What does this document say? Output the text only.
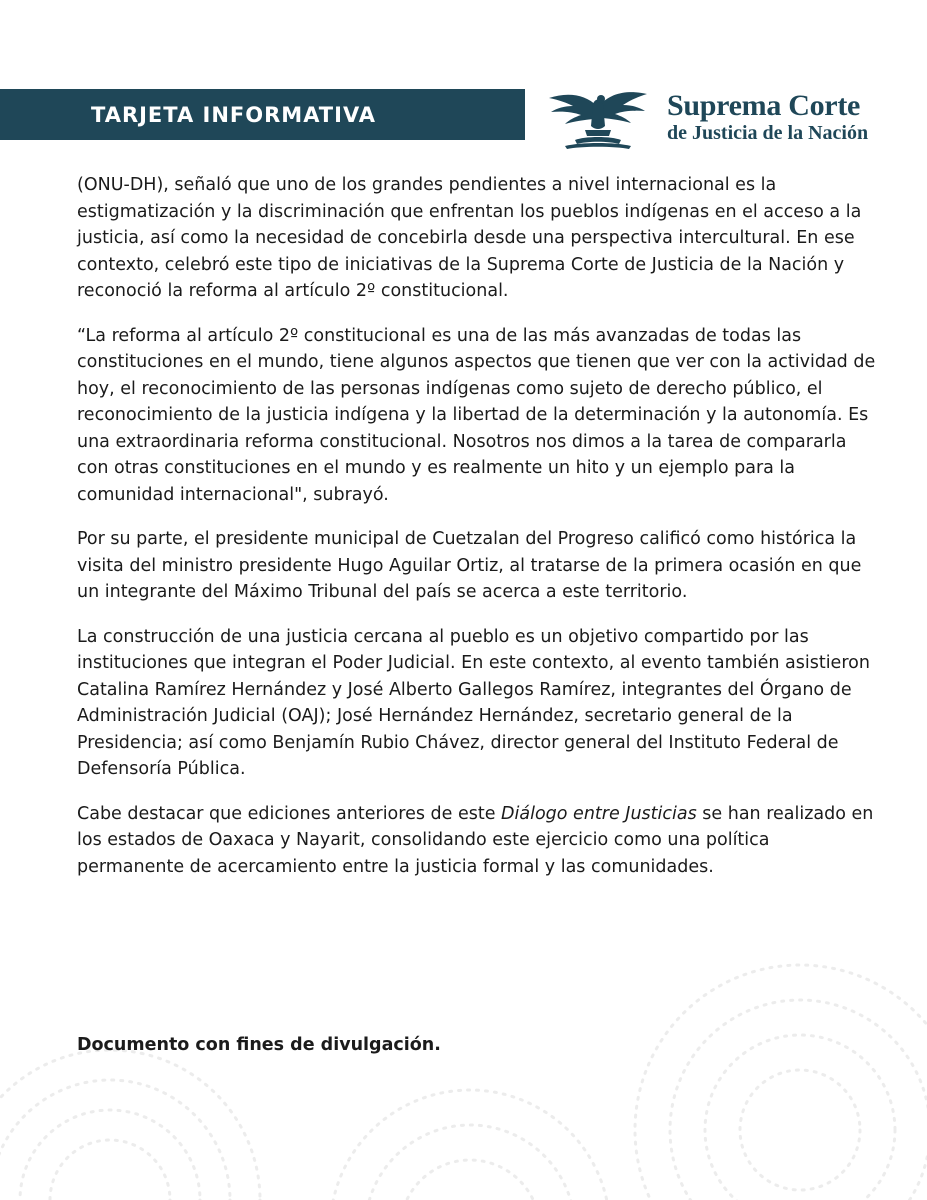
TARJETA INFORMATIVA	Suprema Corte
de Justicia de la Nación

(ONU-DH), señaló que uno de los grandes pendientes a nivel internacional es la estigmatización y la discriminación que enfrentan los pueblos indígenas en el acceso a la justicia, así como la necesidad de concebirla desde una perspectiva intercultural. En ese contexto, celebró este tipo de iniciativas de la Suprema Corte de Justicia de la Nación y reconoció la reforma al artículo 2º constitucional.

“La reforma al artículo 2º constitucional es una de las más avanzadas de todas las constituciones en el mundo, tiene algunos aspectos que tienen que ver con la actividad de hoy, el reconocimiento de las personas indígenas como sujeto de derecho público, el reconocimiento de la justicia indígena y la libertad de la determinación y la autonomía. Es una extraordinaria reforma constitucional. Nosotros nos dimos a la tarea de compararla con otras constituciones en el mundo y es realmente un hito y un ejemplo para la comunidad internacional", subrayó.

Por su parte, el presidente municipal de Cuetzalan del Progreso calificó como histórica la visita del ministro presidente Hugo Aguilar Ortiz, al tratarse de la primera ocasión en que un integrante del Máximo Tribunal del país se acerca a este territorio.

La construcción de una justicia cercana al pueblo es un objetivo compartido por las instituciones que integran el Poder Judicial. En este contexto, al evento también asistieron Catalina Ramírez Hernández y José Alberto Gallegos Ramírez, integrantes del Órgano de Administración Judicial (OAJ); José Hernández Hernández, secretario general de la Presidencia; así como Benjamín Rubio Chávez, director general del Instituto Federal de Defensoría Pública.

Cabe destacar que ediciones anteriores de este Diálogo entre Justicias se han realizado en los estados de Oaxaca y Nayarit, consolidando este ejercicio como una política permanente de acercamiento entre la justicia formal y las comunidades.

Documento con fines de divulgación.
